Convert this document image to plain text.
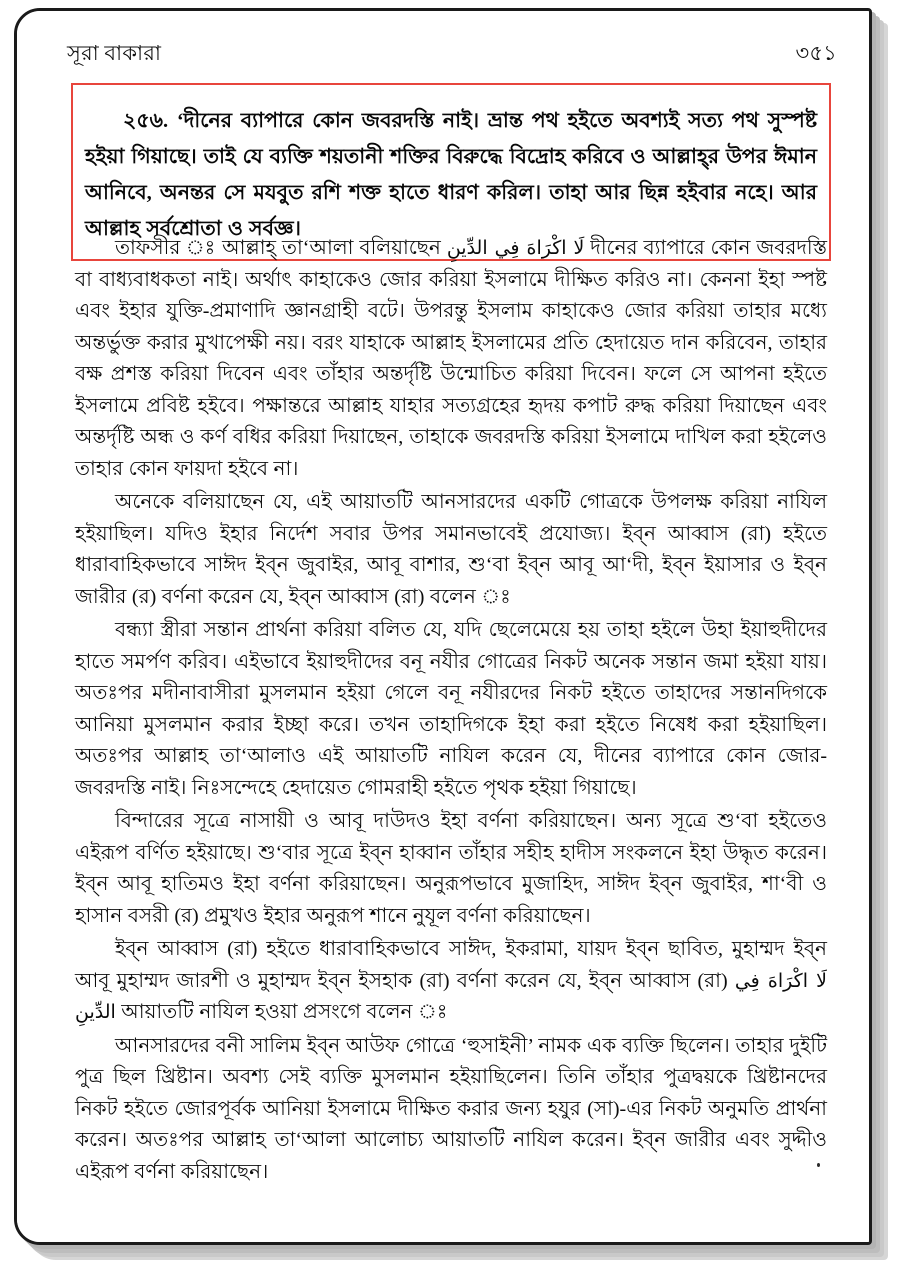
সূরা বাকারা	৩৫১
২৫৬. ‘দীনের ব্যাপারে কোন জবরদস্তি নাই। ভ্রান্ত পথ হইতে অবশ্যই সত্য পথ সুস্পষ্ট হইয়া গিয়াছে। তাই যে ব্যক্তি শয়তানী শক্তির বিরুদ্ধে বিদ্রোহ করিবে ও আল্লাহ্‌র উপর ঈমান আনিবে, অনন্তর সে মযবুত রশি শক্ত হাতে ধারণ করিল। তাহা আর ছিন্ন হইবার নহে। আর আল্লাহ সর্বশ্রোতা ও সর্বজ্ঞ।

তাফসীর ঃ আল্লাহ্‌ তা‘আলা বলিয়াছেন لَا اكْرَاهَ فِي الدِّينِ দীনের ব্যাপারে কোন জবরদস্তি বা বাধ্যবাধকতা নাই। অর্থাৎ কাহাকেও জোর করিয়া ইসলামে দীক্ষিত করিও না। কেননা ইহা স্পষ্ট এবং ইহার যুক্তি-প্রমাণাদি জ্ঞানগ্রাহী বটে। উপরন্তু ইসলাম কাহাকেও জোর করিয়া তাহার মধ্যে অন্তর্ভুক্ত করার মুখাপেক্ষী নয়। বরং যাহাকে আল্লাহ ইসলামের প্রতি হেদায়েত দান করিবেন, তাহার বক্ষ প্রশস্ত করিয়া দিবেন এবং তাঁহার অন্তর্দৃষ্টি উন্মোচিত করিয়া দিবেন। ফলে সে আপনা হইতে ইসলামে প্রবিষ্ট হইবে। পক্ষান্তরে আল্লাহ যাহার সত্যগ্রহের হৃদয় কপাট রুদ্ধ করিয়া দিয়াছেন এবং অন্তর্দৃষ্টি অন্ধ ও কর্ণ বধির করিয়া দিয়াছেন, তাহাকে জবরদস্তি করিয়া ইসলামে দাখিল করা হইলেও তাহার কোন ফায়দা হইবে না।

অনেকে বলিয়াছেন যে, এই আয়াতটি আনসারদের একটি গোত্রকে উপলক্ষ করিয়া নাযিল হইয়াছিল। যদিও ইহার নির্দেশ সবার উপর সমানভাবেই প্রযোজ্য। ইব্‌ন আব্বাস (রা) হইতে ধারাবাহিকভাবে সাঈদ ইব্‌ন জুবাইর, আবূ বাশার, শু‘বা ইব্‌ন আবূ আ‘দী, ইব্‌ন ইয়াসার ও ইব্‌ন জারীর (র) বর্ণনা করেন যে, ইব্‌ন আব্বাস (রা) বলেন ঃ

বন্ধ্যা স্ত্রীরা সন্তান প্রার্থনা করিয়া বলিত যে, যদি ছেলেমেয়ে হয় তাহা হইলে উহা ইয়াহুদীদের হাতে সমর্পণ করিব। এইভাবে ইয়াহুদীদের বনূ নযীর গোত্রের নিকট অনেক সন্তান জমা হইয়া যায়। অতঃপর মদীনাবাসীরা মুসলমান হইয়া গেলে বনূ নযীরদের নিকট হইতে তাহাদের সন্তানদিগকে আনিয়া মুসলমান করার ইচ্ছা করে। তখন তাহাদিগকে ইহা করা হইতে নিষেধ করা হইয়াছিল। অতঃপর আল্লাহ তা‘আলাও এই আয়াতটি নাযিল করেন যে, দীনের ব্যাপারে কোন জোর-জবরদস্তি নাই। নিঃসন্দেহে হেদায়েত গোমরাহী হইতে পৃথক হইয়া গিয়াছে।

বিন্দারের সূত্রে নাসায়ী ও আবূ দাউদও ইহা বর্ণনা করিয়াছেন। অন্য সূত্রে শু‘বা হইতেও এইরূপ বর্ণিত হইয়াছে। শু‘বার সূত্রে ইব্‌ন হাব্বান তাঁহার সহীহ হাদীস সংকলনে ইহা উদ্ধৃত করেন। ইব্‌ন আবূ হাতিমও ইহা বর্ণনা করিয়াছেন। অনুরূপভাবে মুজাহিদ, সাঈদ ইব্‌ন জুবাইর, শা‘বী ও হাসান বসরী (র) প্রমুখও ইহার অনুরূপ শানে নুযূল বর্ণনা করিয়াছেন।

ইব্‌ন আব্বাস (রা) হইতে ধারাবাহিকভাবে সাঈদ, ইকরামা, যায়দ ইব্‌ন ছাবিত, মুহাম্মদ ইব্‌ন আবূ মুহাম্মদ জারশী ও মুহাম্মদ ইব্‌ন ইসহাক (রা) বর্ণনা করেন যে, ইব্‌ন আব্বাস (রা) لَا اكْرَاهَ فِي الدِّينِ আয়াতটি নাযিল হওয়া প্রসংগে বলেন ঃ

আনসারদের বনী সালিম ইব্‌ন আউফ গোত্রে ‘হুসাইনী’ নামক এক ব্যক্তি ছিলেন। তাহার দুইটি পুত্র ছিল খ্রিষ্টান। অবশ্য সেই ব্যক্তি মুসলমান হইয়াছিলেন। তিনি তাঁহার পুত্রদ্বয়কে খ্রিষ্টানদের নিকট হইতে জোরপূর্বক আনিয়া ইসলামে দীক্ষিত করার জন্য হযুর (সা)-এর নিকট অনুমতি প্রার্থনা করেন। অতঃপর আল্লাহ তা‘আলা আলোচ্য আয়াতটি নাযিল করেন। ইব্‌ন জারীর এবং সুদ্দীও এইরূপ বর্ণনা করিয়াছেন।
